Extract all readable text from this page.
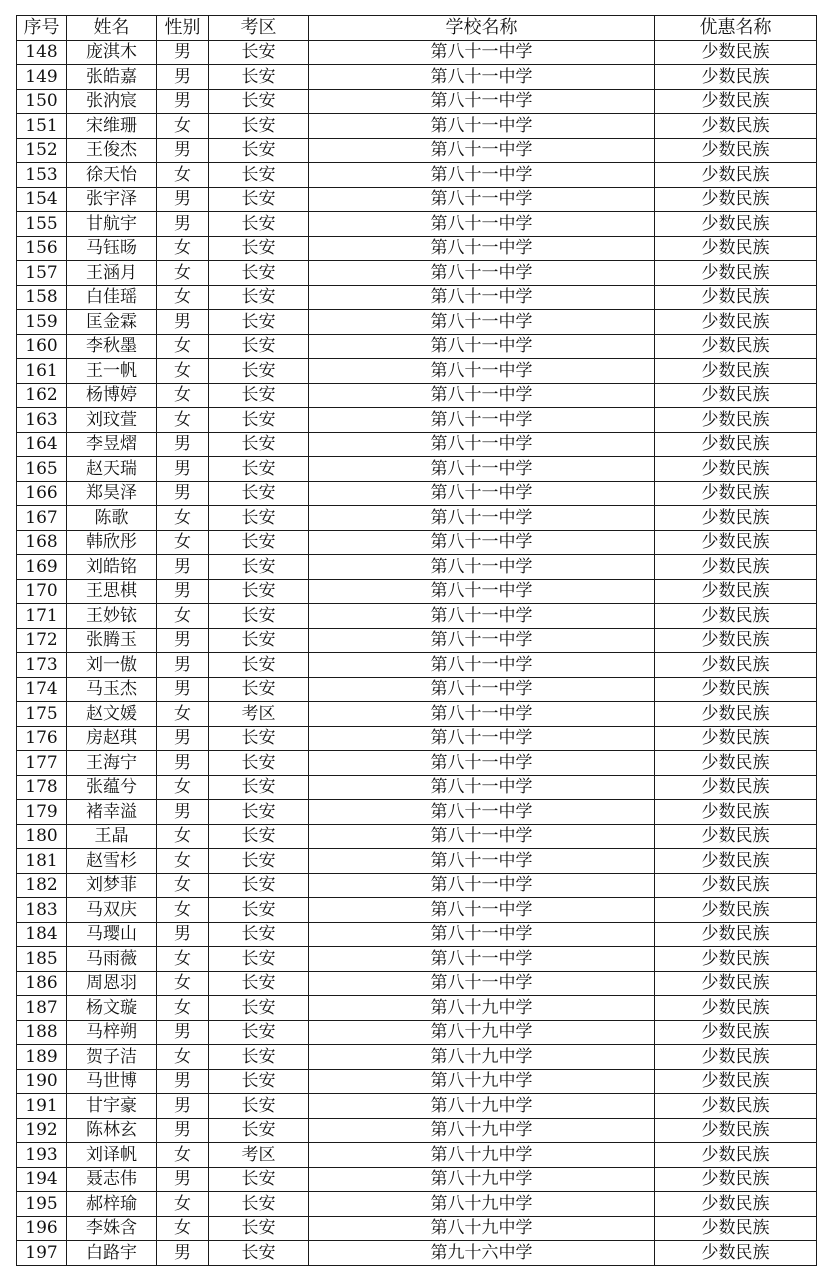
序号	姓名	性别	考区	学校名称	优惠名称
148	庞淇木	男	长安	第八十一中学	少数民族
149	张皓嘉	男	长安	第八十一中学	少数民族
150	张汭宸	男	长安	第八十一中学	少数民族
151	宋维珊	女	长安	第八十一中学	少数民族
152	王俊杰	男	长安	第八十一中学	少数民族
153	徐天怡	女	长安	第八十一中学	少数民族
154	张宇泽	男	长安	第八十一中学	少数民族
155	甘航宇	男	长安	第八十一中学	少数民族
156	马钰旸	女	长安	第八十一中学	少数民族
157	王涵月	女	长安	第八十一中学	少数民族
158	白佳瑶	女	长安	第八十一中学	少数民族
159	匡金霖	男	长安	第八十一中学	少数民族
160	李秋墨	女	长安	第八十一中学	少数民族
161	王一帆	女	长安	第八十一中学	少数民族
162	杨博婷	女	长安	第八十一中学	少数民族
163	刘玟萱	女	长安	第八十一中学	少数民族
164	李昱熠	男	长安	第八十一中学	少数民族
165	赵天瑞	男	长安	第八十一中学	少数民族
166	郑昊泽	男	长安	第八十一中学	少数民族
167	陈歌	女	长安	第八十一中学	少数民族
168	韩欣彤	女	长安	第八十一中学	少数民族
169	刘皓铭	男	长安	第八十一中学	少数民族
170	王思棋	男	长安	第八十一中学	少数民族
171	王妙铱	女	长安	第八十一中学	少数民族
172	张腾玉	男	长安	第八十一中学	少数民族
173	刘一傲	男	长安	第八十一中学	少数民族
174	马玉杰	男	长安	第八十一中学	少数民族
175	赵文媛	女	考区	第八十一中学	少数民族
176	房赵琪	男	长安	第八十一中学	少数民族
177	王海宁	男	长安	第八十一中学	少数民族
178	张蕴兮	女	长安	第八十一中学	少数民族
179	褚幸溢	男	长安	第八十一中学	少数民族
180	王晶	女	长安	第八十一中学	少数民族
181	赵雪杉	女	长安	第八十一中学	少数民族
182	刘梦菲	女	长安	第八十一中学	少数民族
183	马双庆	女	长安	第八十一中学	少数民族
184	马璎山	男	长安	第八十一中学	少数民族
185	马雨薇	女	长安	第八十一中学	少数民族
186	周恩羽	女	长安	第八十一中学	少数民族
187	杨文璇	女	长安	第八十九中学	少数民族
188	马梓朔	男	长安	第八十九中学	少数民族
189	贺子洁	女	长安	第八十九中学	少数民族
190	马世博	男	长安	第八十九中学	少数民族
191	甘宇豪	男	长安	第八十九中学	少数民族
192	陈林玄	男	长安	第八十九中学	少数民族
193	刘译帆	女	考区	第八十九中学	少数民族
194	聂志伟	男	长安	第八十九中学	少数民族
195	郝梓瑜	女	长安	第八十九中学	少数民族
196	李姝含	女	长安	第八十九中学	少数民族
197	白路宇	男	长安	第九十六中学	少数民族
